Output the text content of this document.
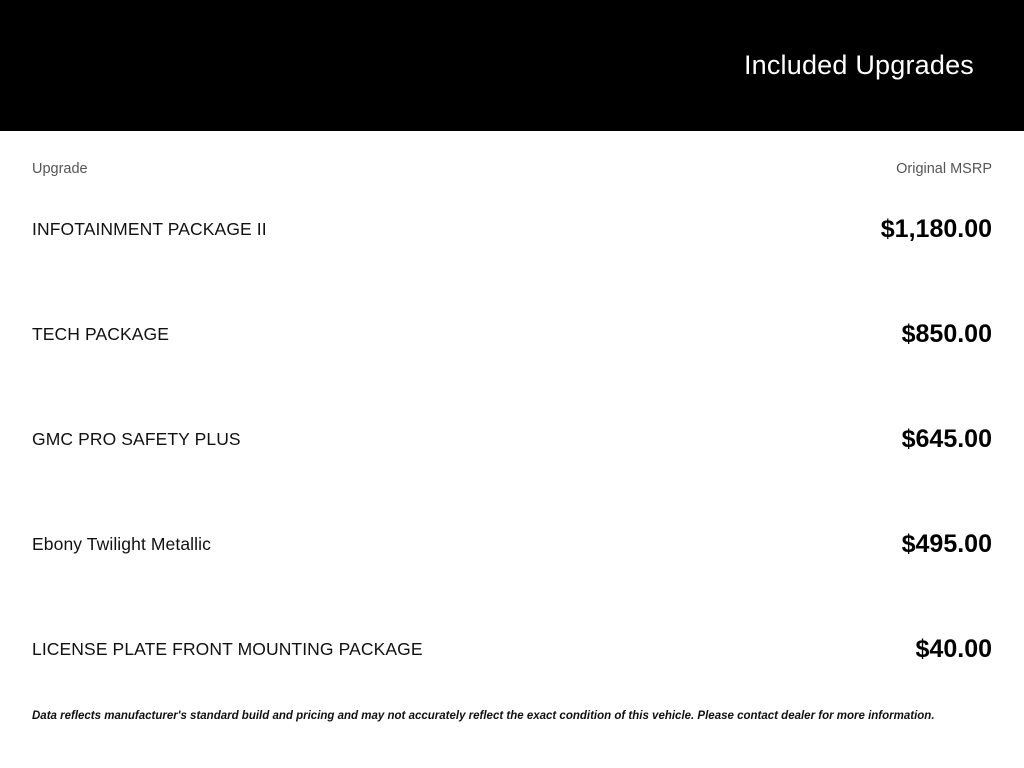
Included Upgrades
Upgrade	Original MSRP
INFOTAINMENT PACKAGE II	$1,180.00
TECH PACKAGE	$850.00
GMC PRO SAFETY PLUS	$645.00
Ebony Twilight Metallic	$495.00
LICENSE PLATE FRONT MOUNTING PACKAGE	$40.00
Data reflects manufacturer's standard build and pricing and may not accurately reflect the exact condition of this vehicle. Please contact dealer for more information.
